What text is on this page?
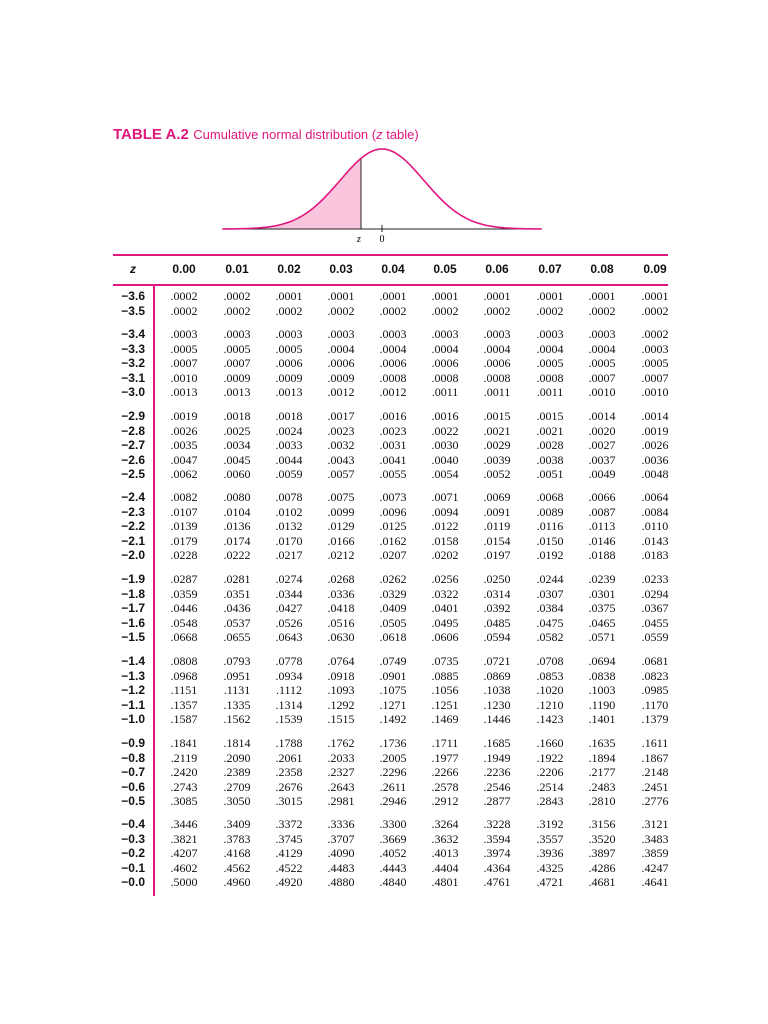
TABLE A.2 Cumulative normal distribution (z table)
z 0
z	0.00	0.01	0.02	0.03	0.04	0.05	0.06	0.07	0.08	0.09
−3.6	.0002	.0002	.0001	.0001	.0001	.0001	.0001	.0001	.0001	.0001
−3.5	.0002	.0002	.0002	.0002	.0002	.0002	.0002	.0002	.0002	.0002
−3.4	.0003	.0003	.0003	.0003	.0003	.0003	.0003	.0003	.0003	.0002
−3.3	.0005	.0005	.0005	.0004	.0004	.0004	.0004	.0004	.0004	.0003
−3.2	.0007	.0007	.0006	.0006	.0006	.0006	.0006	.0005	.0005	.0005
−3.1	.0010	.0009	.0009	.0009	.0008	.0008	.0008	.0008	.0007	.0007
−3.0	.0013	.0013	.0013	.0012	.0012	.0011	.0011	.0011	.0010	.0010
−2.9	.0019	.0018	.0018	.0017	.0016	.0016	.0015	.0015	.0014	.0014
−2.8	.0026	.0025	.0024	.0023	.0023	.0022	.0021	.0021	.0020	.0019
−2.7	.0035	.0034	.0033	.0032	.0031	.0030	.0029	.0028	.0027	.0026
−2.6	.0047	.0045	.0044	.0043	.0041	.0040	.0039	.0038	.0037	.0036
−2.5	.0062	.0060	.0059	.0057	.0055	.0054	.0052	.0051	.0049	.0048
−2.4	.0082	.0080	.0078	.0075	.0073	.0071	.0069	.0068	.0066	.0064
−2.3	.0107	.0104	.0102	.0099	.0096	.0094	.0091	.0089	.0087	.0084
−2.2	.0139	.0136	.0132	.0129	.0125	.0122	.0119	.0116	.0113	.0110
−2.1	.0179	.0174	.0170	.0166	.0162	.0158	.0154	.0150	.0146	.0143
−2.0	.0228	.0222	.0217	.0212	.0207	.0202	.0197	.0192	.0188	.0183
−1.9	.0287	.0281	.0274	.0268	.0262	.0256	.0250	.0244	.0239	.0233
−1.8	.0359	.0351	.0344	.0336	.0329	.0322	.0314	.0307	.0301	.0294
−1.7	.0446	.0436	.0427	.0418	.0409	.0401	.0392	.0384	.0375	.0367
−1.6	.0548	.0537	.0526	.0516	.0505	.0495	.0485	.0475	.0465	.0455
−1.5	.0668	.0655	.0643	.0630	.0618	.0606	.0594	.0582	.0571	.0559
−1.4	.0808	.0793	.0778	.0764	.0749	.0735	.0721	.0708	.0694	.0681
−1.3	.0968	.0951	.0934	.0918	.0901	.0885	.0869	.0853	.0838	.0823
−1.2	.1151	.1131	.1112	.1093	.1075	.1056	.1038	.1020	.1003	.0985
−1.1	.1357	.1335	.1314	.1292	.1271	.1251	.1230	.1210	.1190	.1170
−1.0	.1587	.1562	.1539	.1515	.1492	.1469	.1446	.1423	.1401	.1379
−0.9	.1841	.1814	.1788	.1762	.1736	.1711	.1685	.1660	.1635	.1611
−0.8	.2119	.2090	.2061	.2033	.2005	.1977	.1949	.1922	.1894	.1867
−0.7	.2420	.2389	.2358	.2327	.2296	.2266	.2236	.2206	.2177	.2148
−0.6	.2743	.2709	.2676	.2643	.2611	.2578	.2546	.2514	.2483	.2451
−0.5	.3085	.3050	.3015	.2981	.2946	.2912	.2877	.2843	.2810	.2776
−0.4	.3446	.3409	.3372	.3336	.3300	.3264	.3228	.3192	.3156	.3121
−0.3	.3821	.3783	.3745	.3707	.3669	.3632	.3594	.3557	.3520	.3483
−0.2	.4207	.4168	.4129	.4090	.4052	.4013	.3974	.3936	.3897	.3859
−0.1	.4602	.4562	.4522	.4483	.4443	.4404	.4364	.4325	.4286	.4247
−0.0	.5000	.4960	.4920	.4880	.4840	.4801	.4761	.4721	.4681	.4641
